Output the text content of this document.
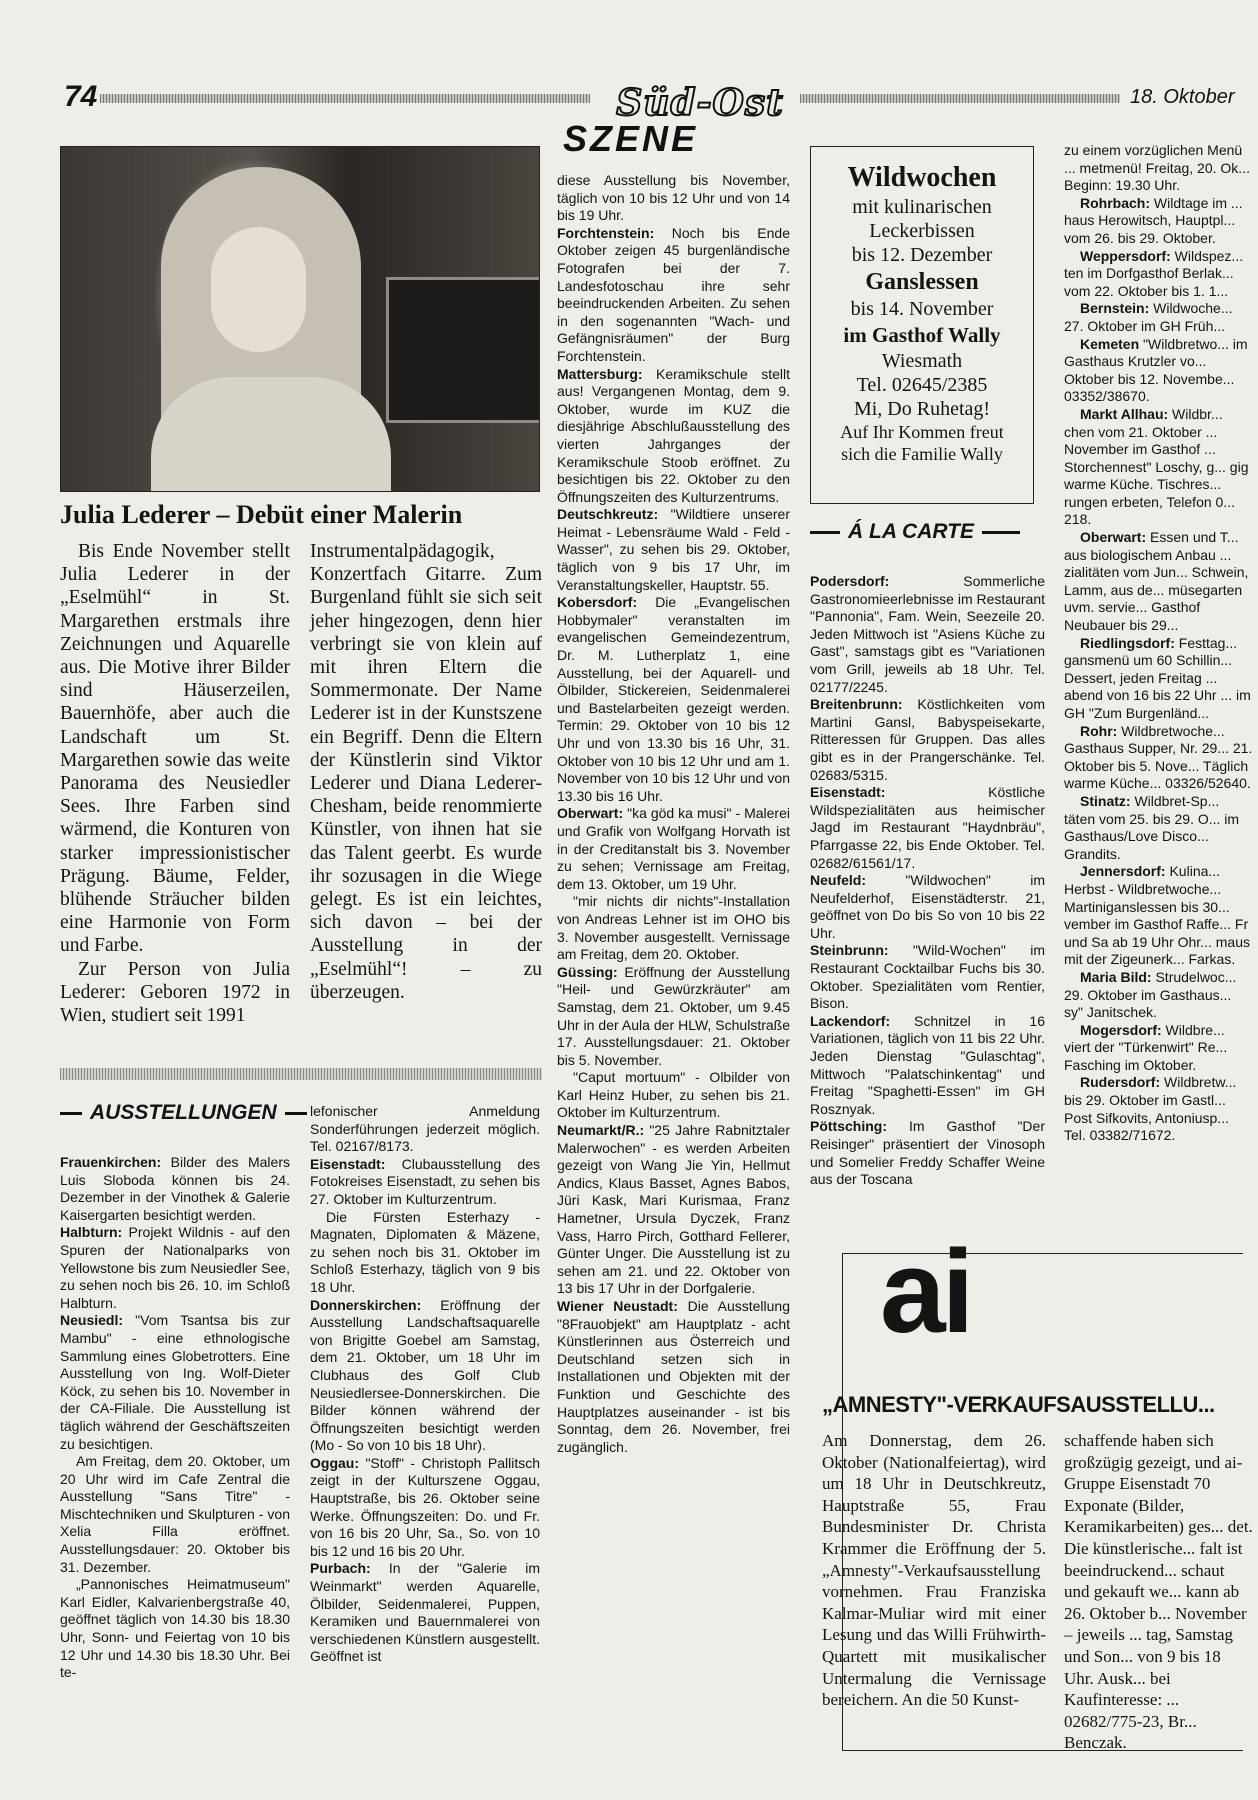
74	18. Oktober
Süd-Ost
SZENE
Julia Lederer – Debüt einer Malerin

Bis Ende November stellt Julia Lederer in der „Eselmühl“ in St. Margarethen erstmals ihre Zeichnungen und Aquarelle aus. Die Motive ihrer Bilder sind Häuserzeilen, Bauernhöfe, aber auch die Landschaft um St. Margarethen sowie das weite Panorama des Neusiedler Sees. Ihre Farben sind wärmend, die Konturen von starker impressionistischer Prägung. Bäume, Felder, blühende Sträucher bilden eine Harmonie von Form und Farbe.

Zur Person von Julia Lederer: Geboren 1972 in Wien, studiert seit 1991

Instrumentalpädagogik, Konzertfach Gitarre. Zum Burgenland fühlt sie sich seit jeher hingezogen, denn hier verbringt sie von klein auf mit ihren Eltern die Sommermonate. Der Name Lederer ist in der Kunstszene ein Begriff. Denn die Eltern der Künstlerin sind Viktor Lederer und Diana Lederer-Chesham, beide renommierte Künstler, von ihnen hat sie das Talent geerbt. Es wurde ihr sozusagen in die Wiege gelegt. Es ist ein leichtes, sich davon – bei der Ausstellung in der „Eselmühl“! – zu überzeugen.

AUSSTELLUNGEN

Frauenkirchen: Bilder des Malers Luis Sloboda können bis 24. Dezember in der Vinothek & Galerie Kaisergarten besichtigt werden.

Halbturn: Projekt Wildnis - auf den Spuren der Nationalparks von Yellowstone bis zum Neusiedler See, zu sehen noch bis 26. 10. im Schloß Halbturn.

Neusiedl: "Vom Tsantsa bis zur Mambu" - eine ethnologische Sammlung eines Globetrotters. Eine Ausstellung von Ing. Wolf-Dieter Köck, zu sehen bis 10. November in der CA-Filiale. Die Ausstellung ist täglich während der Geschäftszeiten zu besichtigen.

Am Freitag, dem 20. Oktober, um 20 Uhr wird im Cafe Zentral die Ausstellung "Sans Titre" - Mischtechniken und Skulpturen - von Xelia Filla eröffnet. Ausstellungsdauer: 20. Oktober bis 31. Dezember.

„Pannonisches Heimatmuseum" Karl Eidler, Kalvarienbergstraße 40, geöffnet täglich von 14.30 bis 18.30 Uhr, Sonn- und Feiertag von 10 bis 12 Uhr und 14.30 bis 18.30 Uhr. Bei te-

lefonischer Anmeldung Sonderführungen jederzeit möglich. Tel. 02167/8173.

Eisenstadt: Clubausstellung des Fotokreises Eisenstadt, zu sehen bis 27. Oktober im Kulturzentrum.

Die Fürsten Esterhazy - Magnaten, Diplomaten & Mäzene, zu sehen noch bis 31. Oktober im Schloß Esterhazy, täglich von 9 bis 18 Uhr.

Donnerskirchen: Eröffnung der Ausstellung Landschaftsaquarelle von Brigitte Goebel am Samstag, dem 21. Oktober, um 18 Uhr im Clubhaus des Golf Club Neusiedlersee-Donnerskirchen. Die Bilder können während der Öffnungszeiten besichtigt werden (Mo - So von 10 bis 18 Uhr).

Oggau: "Stoff" - Christoph Pallitsch zeigt in der Kulturszene Oggau, Hauptstraße, bis 26. Oktober seine Werke. Öffnungszeiten: Do. und Fr. von 16 bis 20 Uhr, Sa., So. von 10 bis 12 und 16 bis 20 Uhr.

Purbach: In der "Galerie im Weinmarkt" werden Aquarelle, Ölbilder, Seidenmalerei, Puppen, Keramiken und Bauernmalerei von verschiedenen Künstlern ausgestellt. Geöffnet ist

diese Ausstellung bis November, täglich von 10 bis 12 Uhr und von 14 bis 19 Uhr.

Forchtenstein: Noch bis Ende Oktober zeigen 45 burgenländische Fotografen bei der 7. Landesfotoschau ihre sehr beeindruckenden Arbeiten. Zu sehen in den sogenannten "Wach- und Gefängnisräumen" der Burg Forchtenstein.

Mattersburg: Keramikschule stellt aus! Vergangenen Montag, dem 9. Oktober, wurde im KUZ die diesjährige Abschlußausstellung des vierten Jahrganges der Keramikschule Stoob eröffnet. Zu besichtigen bis 22. Oktober zu den Öffnungszeiten des Kulturzentrums.

Deutschkreutz: "Wildtiere unserer Heimat - Lebensräume Wald - Feld - Wasser", zu sehen bis 29. Oktober, täglich von 9 bis 17 Uhr, im Veranstaltungskeller, Hauptstr. 55.

Kobersdorf: Die „Evangelischen Hobbymaler" veranstalten im evangelischen Gemeindezentrum, Dr. M. Lutherplatz 1, eine Ausstellung, bei der Aquarell- und Ölbilder, Stickereien, Seidenmalerei und Bastelarbeiten gezeigt werden. Termin: 29. Oktober von 10 bis 12 Uhr und von 13.30 bis 16 Uhr, 31. Oktober von 10 bis 12 Uhr und am 1. November von 10 bis 12 Uhr und von 13.30 bis 16 Uhr.

Oberwart: "ka göd ka musi" - Malerei und Grafik von Wolfgang Horvath ist in der Creditanstalt bis 3. November zu sehen; Vernissage am Freitag, dem 13. Oktober, um 19 Uhr.

"mir nichts dir nichts"-Installation von Andreas Lehner ist im OHO bis 3. November ausgestellt. Vernissage am Freitag, dem 20. Oktober.

Güssing: Eröffnung der Ausstellung "Heil- und Gewürzkräuter" am Samstag, dem 21. Oktober, um 9.45 Uhr in der Aula der HLW, Schulstraße 17. Ausstellungsdauer: 21. Oktober bis 5. November.

"Caput mortuum" - Olbilder von Karl Heinz Huber, zu sehen bis 21. Oktober im Kulturzentrum.

Neumarkt/R.: "25 Jahre Rabnitztaler Malerwochen" - es werden Arbeiten gezeigt von Wang Jie Yin, Hellmut Andics, Klaus Basset, Agnes Babos, Jüri Kask, Mari Kurismaa, Franz Hametner, Ursula Dyczek, Franz Vass, Harro Pirch, Gotthard Fellerer, Günter Unger. Die Ausstellung ist zu sehen am 21. und 22. Oktober von 13 bis 17 Uhr in der Dorfgalerie.

Wiener Neustadt: Die Ausstellung "8Frauobjekt" am Hauptplatz - acht Künstlerinnen aus Österreich und Deutschland setzen sich in Installationen und Objekten mit der Funktion und Geschichte des Hauptplatzes auseinander - ist bis Sonntag, dem 26. November, frei zugänglich.

Wildwochen
mit kulinarischen
Leckerbissen
bis 12. Dezember
Ganslessen
bis 14. November
im Gasthof Wally
Wiesmath
Tel. 02645/2385
Mi, Do Ruhetag!
Auf Ihr Kommen freut
sich die Familie Wally
Á LA CARTE

Podersdorf: Sommerliche Gastronomieerlebnisse im Restaurant "Pannonia", Fam. Wein, Seezeile 20. Jeden Mittwoch ist "Asiens Küche zu Gast", samstags gibt es "Variationen vom Grill, jeweils ab 18 Uhr. Tel. 02177/2245.

Breitenbrunn: Köstlichkeiten vom Martini Gansl, Babyspeisekarte, Ritteressen für Gruppen. Das alles gibt es in der Prangerschänke. Tel. 02683/5315.

Eisenstadt: Köstliche Wildspezialitäten aus heimischer Jagd im Restaurant "Haydnbräu", Pfarrgasse 22, bis Ende Oktober. Tel. 02682/61561/17.

Neufeld: "Wildwochen" im Neufelderhof, Eisenstädterstr. 21, geöffnet von Do bis So von 10 bis 22 Uhr.

Steinbrunn: "Wild-Wochen" im Restaurant Cocktailbar Fuchs bis 30. Oktober. Spezialitäten vom Rentier, Bison.

Lackendorf: Schnitzel in 16 Variationen, täglich von 11 bis 22 Uhr. Jeden Dienstag "Gulaschtag", Mittwoch "Palatschinkentag" und Freitag "Spaghetti-Essen" im GH Rosznyak.

Pöttsching: Im Gasthof "Der Reisinger" präsentiert der Vinosoph und Somelier Freddy Schaffer Weine aus der Toscana

zu einem vorzüglichen Menü ... metmenü! Freitag, 20. Ok... Beginn: 19.30 Uhr.

Rohrbach: Wildtage im ... haus Herowitsch, Hauptpl... vom 26. bis 29. Oktober.

Weppersdorf: Wildspez... ten im Dorfgasthof Berlak... vom 22. Oktober bis 1. 1...

Bernstein: Wildwoche... 27. Oktober im GH Früh...

Kemeten "Wildbretwo... im Gasthaus Krutzler vo... Oktober bis 12. Novembe... 03352/38670.

Markt Allhau: Wildbr... chen vom 21. Oktober ... November im Gasthof ... Storchennest" Loschy, g... gig warme Küche. Tischres... rungen erbeten, Telefon 0... 218.

Oberwart: Essen und T... aus biologischem Anbau ... zialitäten vom Jun... Schwein, Lamm, aus de... müsegarten uvm. servie... Gasthof Neubauer bis 29...

Riedlingsdorf: Festtag... gansmenü um 60 Schillin... Dessert, jeden Freitag ... abend von 16 bis 22 Uhr ... im GH "Zum Burgenländ...

Rohr: Wildbretwoche... Gasthaus Supper, Nr. 29... 21. Oktober bis 5. Nove... Täglich warme Küche... 03326/52640.

Stinatz: Wildbret-Sp... täten vom 25. bis 29. O... im Gasthaus/Love Disco... Grandits.

Jennersdorf: Kulina... Herbst - Wildbretwoche... Martiniganslessen bis 30... vember im Gasthof Raffe... Fr und Sa ab 19 Uhr Ohr... maus mit der Zigeunerk... Farkas.

Maria Bild: Strudelwoc... 29. Oktober im Gasthaus... sy" Janitschek.

Mogersdorf: Wildbre... viert der "Türkenwirt" Re... Fasching im Oktober.

Rudersdorf: Wildbretw... bis 29. Oktober im Gastl... Post Sifkovits, Antoniusp... Tel. 03382/71672.

ai
„AMNESTY"-VERKAUFSAUSSTELLU...
Am Donnerstag, dem 26. Oktober (Nationalfeiertag), wird um 18 Uhr in Deutschkreutz, Hauptstraße 55, Frau Bundesminister Dr. Christa Krammer die Eröffnung der 5. „Amnesty"-Verkaufsausstellung vornehmen. Frau Franziska Kalmar-Muliar wird mit einer Lesung und das Willi Frühwirth-Quartett mit musikalischer Untermalung die Vernissage bereichern. An die 50 Kunst-
schaffende haben sich großzügig gezeigt, und ai-Gruppe Eisenstadt 70 Exponate (Bilder, Keramikarbeiten) ges... det. Die künstlerische... falt ist beeindruckend... schaut und gekauft we... kann ab 26. Oktober b... November – jeweils ... tag, Samstag und Son... von 9 bis 18 Uhr. Ausk... bei Kaufinteresse: ... 02682/775-23, Br... Benczak.
